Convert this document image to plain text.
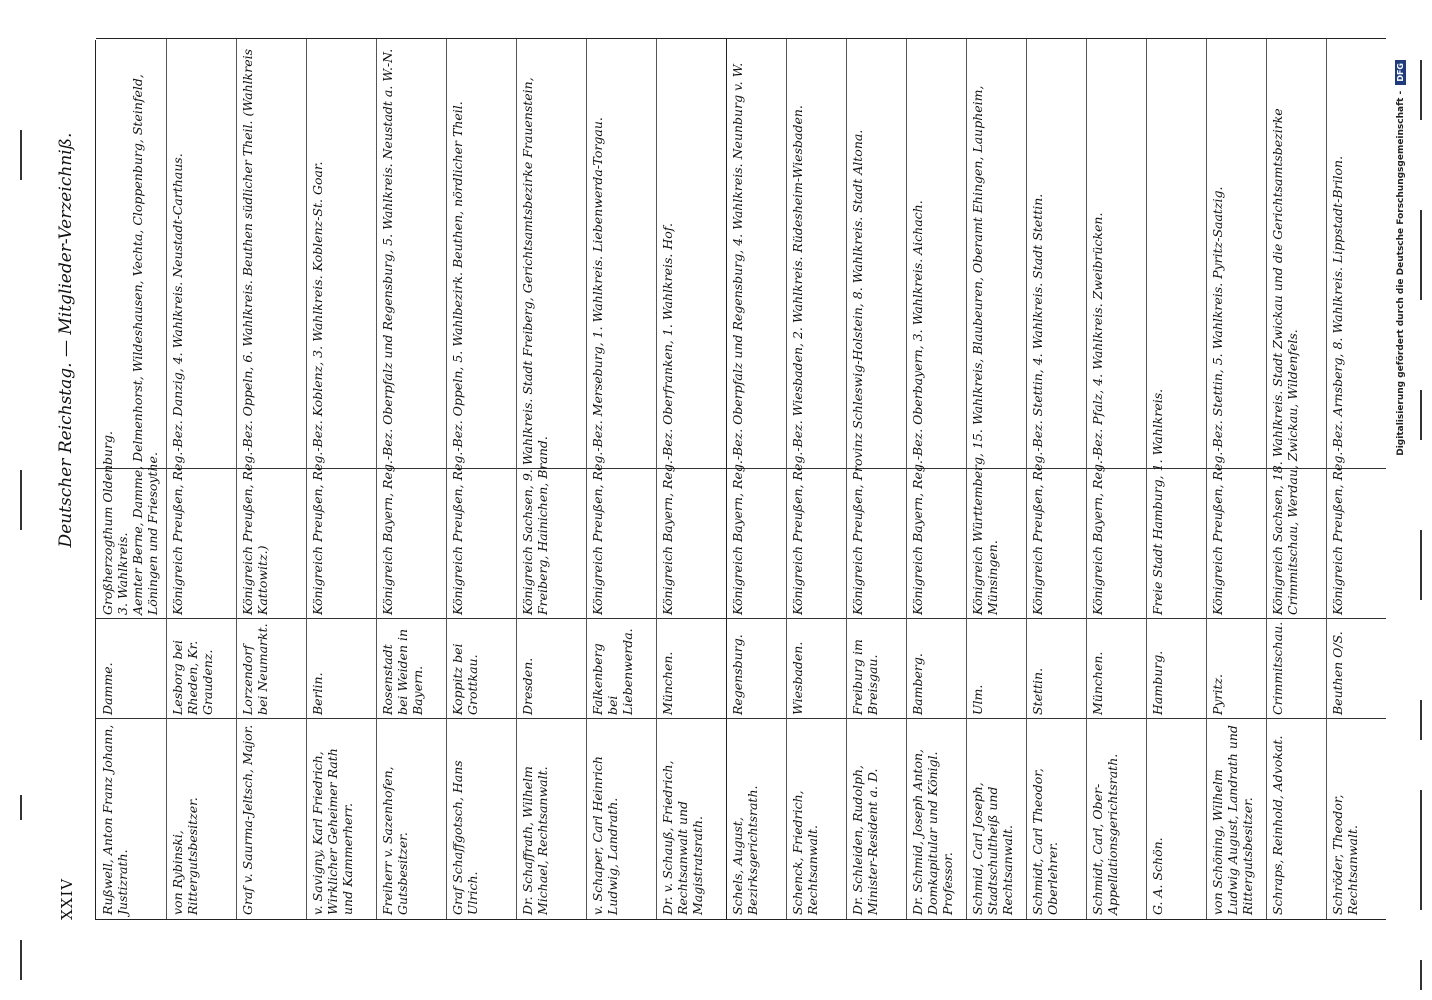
XXIV
Deutscher Reichstag. — Mitglieder-Verzeichniß.
Rußwell, Anton Franz Johann, Justizrath.
Damme.
Großherzogthum Oldenburg.
3. Wahlkreis.
Aemter Berne, Damme, Delmenhorst, Wildeshausen, Vechta, Cloppenburg, Steinfeld, Löningen und Friesoythe.
von Rybinski, Rittergutsbesitzer.
Lesborg bei Rheden, Kr. Graudenz.
Königreich Preußen, Reg.-Bez. Danzig, 4. Wahlkreis. Neustadt-Carthaus.
Graf v. Saurma-Jeltsch, Major.
Lorzendorf bei Neumarkt.
Königreich Preußen, Reg.-Bez. Oppeln, 6. Wahlkreis. Beuthen südlicher Theil. (Wahlkreis Kattowitz.)
v. Savigny, Karl Friedrich, Wirklicher Geheimer Rath und Kammerherr.
Berlin.
Königreich Preußen, Reg.-Bez. Koblenz, 3. Wahlkreis. Koblenz-St. Goar.
Freiherr v. Sazenhofen, Gutsbesitzer.
Rosenstadt bei Weiden in Bayern.
Königreich Bayern, Reg.-Bez. Oberpfalz und Regensburg, 5. Wahlkreis. Neustadt a. W.-N.
Graf Schaffgotsch, Hans Ulrich.
Koppitz bei Grottkau.
Königreich Preußen, Reg.-Bez. Oppeln, 5. Wahlbezirk. Beuthen, nördlicher Theil.
Dr. Schaffrath, Wilhelm Michael, Rechtsanwalt.
Dresden.
Königreich Sachsen, 9. Wahlkreis. Stadt Freiberg, Gerichtsamtsbezirke Frauenstein, Freiberg, Hainichen, Brand.
v. Schaper, Carl Heinrich Ludwig, Landrath.
Falkenberg bei Liebenwerda.
Königreich Preußen, Reg.-Bez. Merseburg, 1. Wahlkreis. Liebenwerda-Torgau.
Dr. v. Schauß, Friedrich, Rechtsanwalt und Magistratsrath.
München.
Königreich Bayern, Reg.-Bez. Oberfranken, 1. Wahlkreis. Hof.
Schels, August, Bezirksgerichtsrath.
Regensburg.
Königreich Bayern, Reg.-Bez. Oberpfalz und Regensburg, 4. Wahlkreis. Neunburg v. W.
Schenck, Friedrich, Rechtsanwalt.
Wiesbaden.
Königreich Preußen, Reg.-Bez. Wiesbaden, 2. Wahlkreis. Rüdesheim-Wiesbaden.
Dr. Schleiden, Rudolph, Minister-Resident a. D.
Freiburg im Breisgau.
Königreich Preußen, Provinz Schleswig-Holstein, 8. Wahlkreis. Stadt Altona.
Dr. Schmid, Joseph Anton, Domkapitular und Königl. Professor.
Bamberg.
Königreich Bayern, Reg.-Bez. Oberbayern, 3. Wahlkreis. Aichach.
Schmid, Carl Joseph, Stadtschultheiß und Rechtsanwalt.
Ulm.
Königreich Württemberg, 15. Wahlkreis, Blaubeuren, Oberamt Ehingen, Laupheim, Münsingen.
Schmidt, Carl Theodor, Oberlehrer.
Stettin.
Königreich Preußen, Reg.-Bez. Stettin, 4. Wahlkreis. Stadt Stettin.
Schmidt, Carl, Ober-Appellationsgerichtsrath.
München.
Königreich Bayern, Reg.-Bez. Pfalz, 4. Wahlkreis. Zweibrücken.
G. A. Schön.
Hamburg.
Freie Stadt Hamburg, 1. Wahlkreis.
von Schöning, Wilhelm Ludwig August, Landrath und Rittergutsbesitzer.
Pyritz.
Königreich Preußen, Reg.-Bez. Stettin, 5. Wahlkreis. Pyritz-Saatzig.
Schraps, Reinhold, Advokat.
Crimmitschau.
Königreich Sachsen, 18. Wahlkreis. Stadt Zwickau und die Gerichtsamtsbezirke Crimmitschau, Werdau, Zwickau, Wildenfels.
Schröder, Theodor, Rechtsanwalt.
Beuthen O/S.
Königreich Preußen, Reg.-Bez. Arnsberg, 8. Wahlkreis. Lippstadt-Brilon.	Digitalisierung gefördert durch die Deutsche Forschungsgemeinschaft - DFG
